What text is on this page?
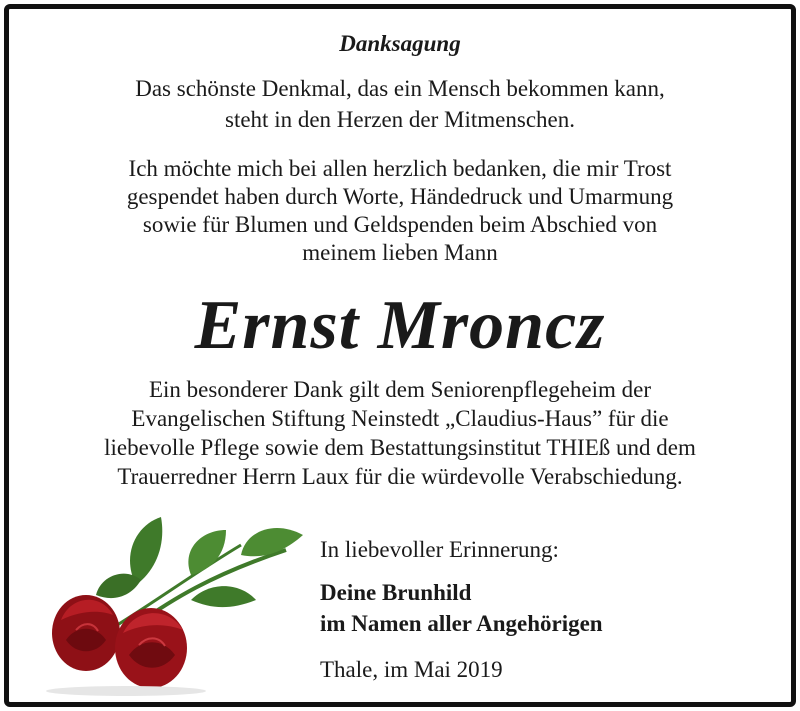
Danksagung
Das schönste Denkmal, das ein Mensch bekommen kann,
steht in den Herzen der Mitmenschen.
Ich möchte mich bei allen herzlich bedanken, die mir Trost
gespendet haben durch Worte, Händedruck und Umarmung
sowie für Blumen und Geldspenden beim Abschied von
meinem lieben Mann
Ernst Mroncz
Ein besonderer Dank gilt dem Seniorenpflegeheim der
Evangelischen Stiftung Neinstedt „Claudius-Haus” für die
liebevolle Pflege sowie dem Bestattungsinstitut THIEß und dem
Trauerredner Herrn Laux für die würdevolle Verabschiedung.
In liebevoller Erinnerung:
Deine Brunhild
im Namen aller Angehörigen
Thale, im Mai 2019
